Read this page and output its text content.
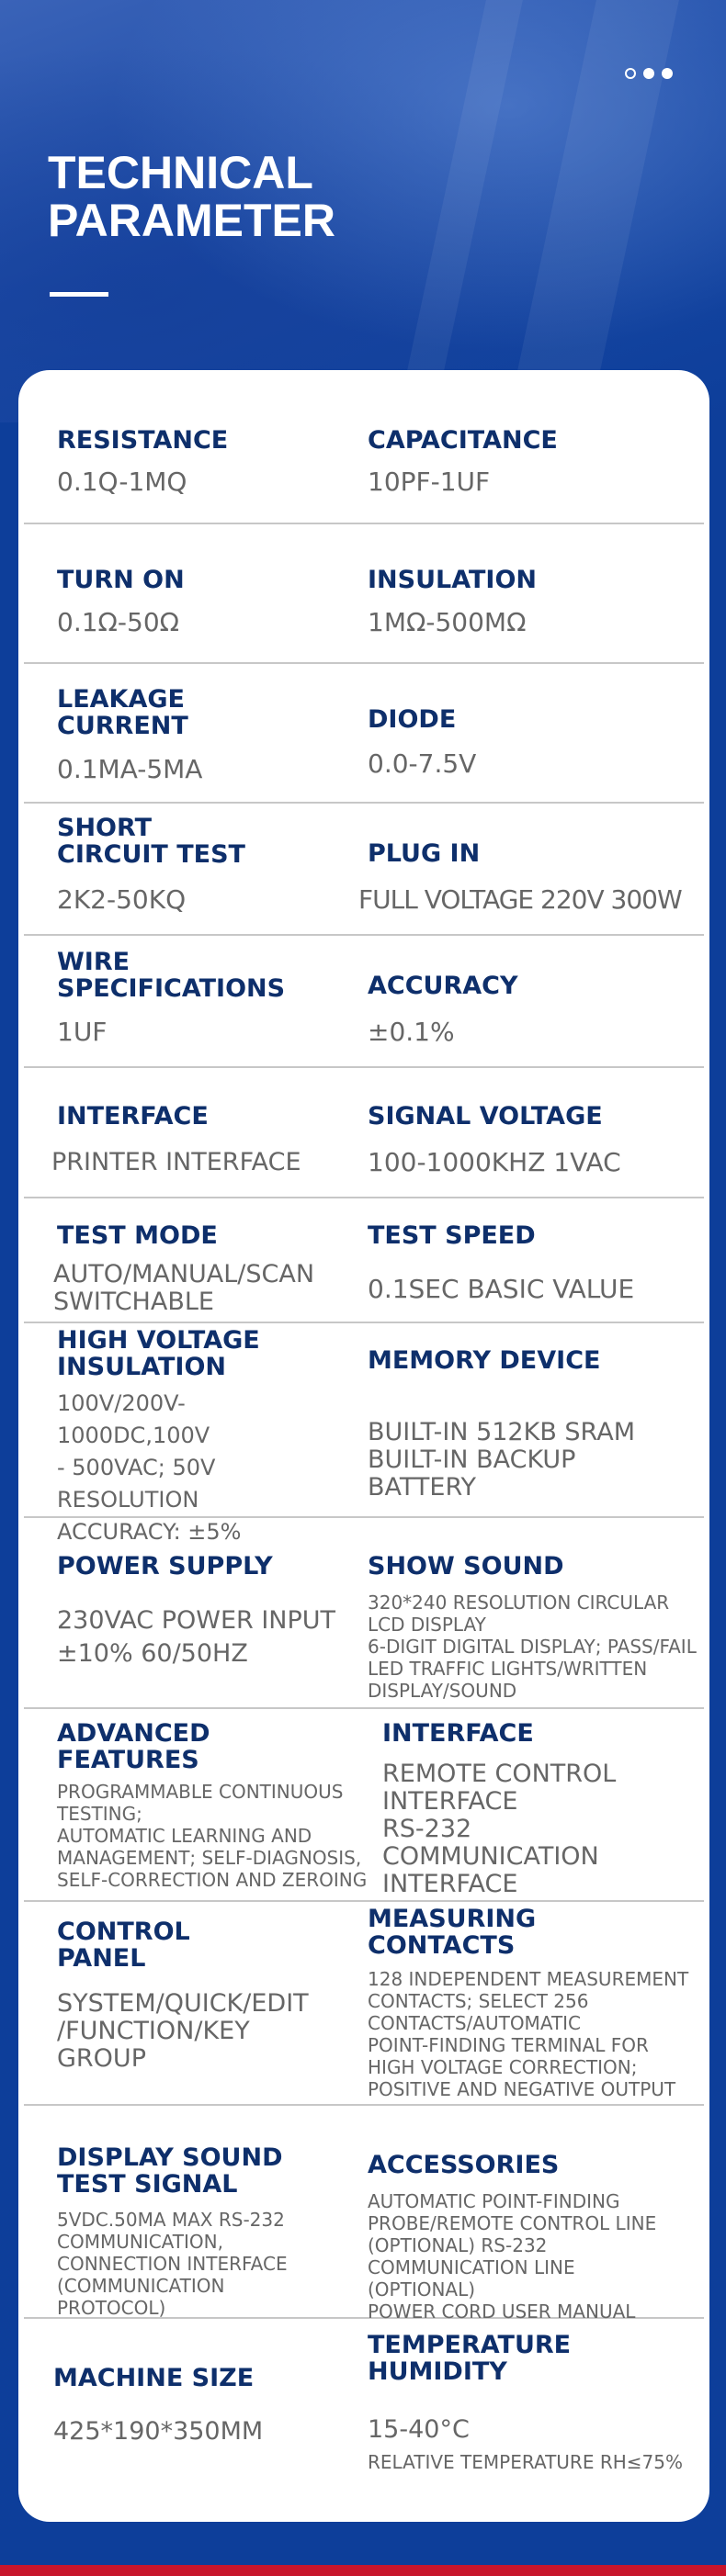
TECHNICAL
PARAMETER

RESISTANCE

0.1Q-1MQ

CAPACITANCE

10PF-1UF

TURN ON

0.1Ω-50Ω

INSULATION

1MΩ-500MΩ

LEAKAGE
CURRENT

0.1MA-5MA

DIODE

0.0-7.5V

SHORT
CIRCUIT TEST

2K2-50KQ

PLUG IN

FULL VOLTAGE 220V 300W

WIRE
SPECIFICATIONS

1UF

ACCURACY

±0.1%

INTERFACE

PRINTER INTERFACE

SIGNAL VOLTAGE

100-1000KHZ 1VAC

TEST MODE

AUTO/MANUAL/SCAN
SWITCHABLE

TEST SPEED

0.1SEC BASIC VALUE

HIGH VOLTAGE
INSULATION

100V/200V-1000DC,100V
- 500VAC; 50V
RESOLUTION
ACCURACY: ±5%

MEMORY DEVICE

BUILT-IN 512KB SRAM
BUILT-IN BACKUP
BATTERY

POWER SUPPLY

230VAC POWER INPUT
±10% 60/50HZ

SHOW SOUND

320*240 RESOLUTION CIRCULAR
LCD DISPLAY
6-DIGIT DIGITAL DISPLAY; PASS/FAIL
LED TRAFFIC LIGHTS/WRITTEN
DISPLAY/SOUND

ADVANCED
FEATURES

PROGRAMMABLE CONTINUOUS
TESTING;
AUTOMATIC LEARNING AND
MANAGEMENT; SELF-DIAGNOSIS,
SELF-CORRECTION AND ZEROING

INTERFACE

REMOTE CONTROL
INTERFACE
RS-232
COMMUNICATION
INTERFACE

CONTROL
PANEL

SYSTEM/QUICK/EDIT
/FUNCTION/KEY
GROUP

MEASURING
CONTACTS

128 INDEPENDENT MEASUREMENT
CONTACTS; SELECT 256
CONTACTS/AUTOMATIC
POINT-FINDING TERMINAL FOR
HIGH VOLTAGE CORRECTION;
POSITIVE AND NEGATIVE OUTPUT

DISPLAY SOUND
TEST SIGNAL

5VDC.50MA MAX RS-232
COMMUNICATION,
CONNECTION INTERFACE
(COMMUNICATION
PROTOCOL)

ACCESSORIES

AUTOMATIC POINT-FINDING
PROBE/REMOTE CONTROL LINE
(OPTIONAL) RS-232
COMMUNICATION LINE
(OPTIONAL)
POWER CORD USER MANUAL

MACHINE SIZE

425*190*350MM

TEMPERATURE
HUMIDITY

15-40°C

RELATIVE TEMPERATURE RH≤75%
